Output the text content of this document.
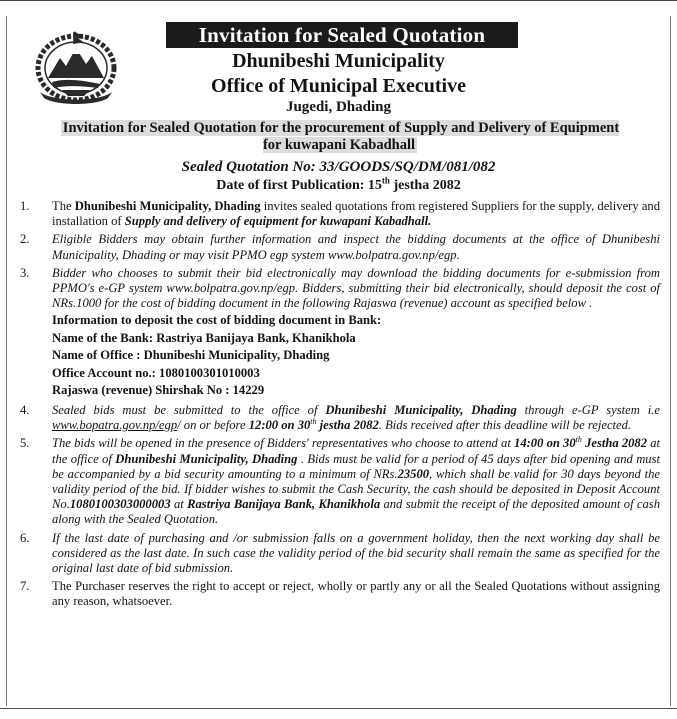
Invitation for Sealed Quotation
Dhunibeshi Municipality
Office of Municipal Executive
Jugedi, Dhading
Invitation for Sealed Quotation for the procurement of Supply and Delivery of Equipment for kuwapani Kabadhall
Sealed Quotation No: 33/GOODS/SQ/DM/081/082
Date of first Publication: 15th jestha 2082
1.	The Dhunibeshi Municipality, Dhading invites sealed quotations from registered Suppliers for the supply, delivery and installation of Supply and delivery of equipment for kuwapani Kabadhall.
2.	Eligible Bidders may obtain further information and inspect the bidding documents at the office of Dhunibeshi Municipality, Dhading or may visit PPMO egp system www.bolpatra.gov.np/egp.
3.	Bidder who chooses to submit their bid electronically may download the bidding documents for e-submission from PPMO's e-GP system www.bolpatra.gov.np/egp. Bidders, submitting their bid electronically, should deposit the cost of NRs.1000 for the cost of bidding document in the following Rajaswa (revenue) account as specified below .
Information to deposit the cost of bidding document in Bank:
Name of the Bank: Rastriya Banijaya Bank, Khanikhola
Name of Office : Dhunibeshi Municipality, Dhading
Office Account no.: 1080100301010003
Rajaswa (revenue) Shirshak No : 14229
4.	Sealed bids must be submitted to the office of Dhunibeshi Municipality, Dhading through e-GP system i.e www.bopatra.gov.np/egp/ on or before 12:00 on 30th jestha 2082. Bids received after this deadline will be rejected.
5.	The bids will be opened in the presence of Bidders' representatives who choose to attend at 14:00 on 30th Jestha 2082 at the office of Dhunibeshi Municipality, Dhading . Bids must be valid for a period of 45 days after bid opening and must be accompanied by a bid security amounting to a minimum of NRs.23500, which shall be valid for 30 days beyond the validity period of the bid. If bidder wishes to submit the Cash Security, the cash should be deposited in Deposit Account No.1080100303000003 at Rastriya Banijaya Bank, Khanikhola and submit the receipt of the deposited amount of cash along with the Sealed Quotation.
6.	If the last date of purchasing and /or submission falls on a government holiday, then the next working day shall be considered as the last date. In such case the validity period of the bid security shall remain the same as specified for the original last date of bid submission.
7.	The Purchaser reserves the right to accept or reject, wholly or partly any or all the Sealed Quotations without assigning any reason, whatsoever.
